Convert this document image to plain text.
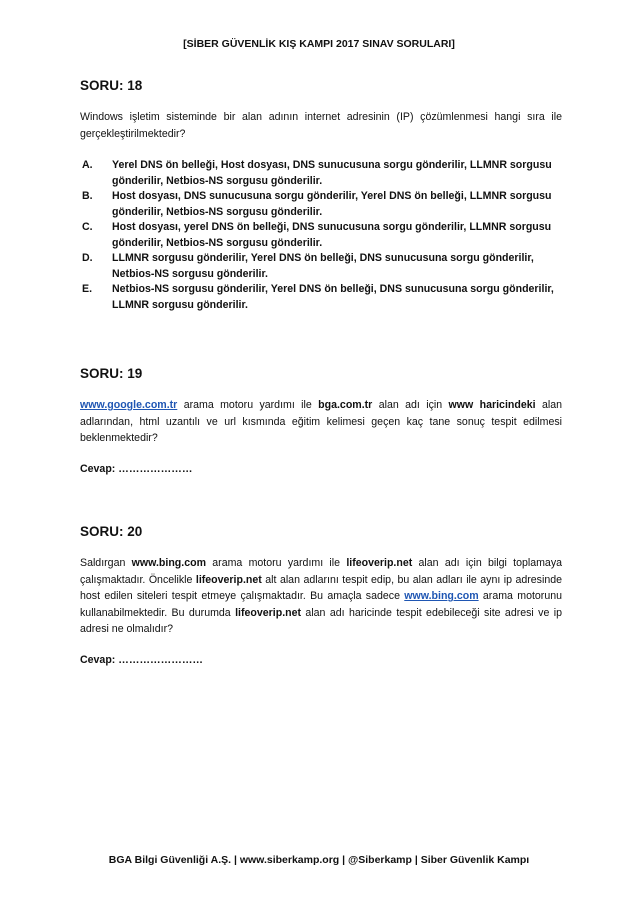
[SİBER GÜVENLİK KIŞ KAMPI 2017 SINAV SORULARI]
SORU: 18

Windows işletim sisteminde bir alan adının internet adresinin (IP) çözümlenmesi hangi sıra ile gerçekleştirilmektedir?

A.	Yerel DNS ön belleği, Host dosyası, DNS sunucusuna sorgu gönderilir, LLMNR sorgusu gönderilir, Netbios-NS sorgusu gönderilir.
B.	Host dosyası, DNS sunucusuna sorgu gönderilir, Yerel DNS ön belleği, LLMNR sorgusu gönderilir, Netbios-NS sorgusu gönderilir.
C.	Host dosyası, yerel DNS ön belleği, DNS sunucusuna sorgu gönderilir, LLMNR sorgusu gönderilir, Netbios-NS sorgusu gönderilir.
D.	LLMNR sorgusu gönderilir, Yerel DNS ön belleği, DNS sunucusuna sorgu gönderilir, Netbios-NS sorgusu gönderilir.
E.	Netbios-NS sorgusu gönderilir, Yerel DNS ön belleği, DNS sunucusuna sorgu gönderilir, LLMNR sorgusu gönderilir.
SORU: 19

www.google.com.tr arama motoru yardımı ile bga.com.tr alan adı için www haricindeki alan adlarından, html uzantılı ve url kısmında eğitim kelimesi geçen kaç tane sonuç tespit edilmesi beklenmektedir?

Cevap: …………………
SORU: 20

Saldırgan www.bing.com arama motoru yardımı ile lifeoverip.net alan adı için bilgi toplamaya çalışmaktadır. Öncelikle lifeoverip.net alt alan adlarını tespit edip, bu alan adları ile aynı ip adresinde host edilen siteleri tespit etmeye çalışmaktadır. Bu amaçla sadece www.bing.com arama motorunu kullanabilmektedir. Bu durumda lifeoverip.net alan adı haricinde tespit edebileceği site adresi ve ip adresi ne olmalıdır?

Cevap: ……………………
BGA Bilgi Güvenliği A.Ş. | www.siberkamp.org | @Siberkamp | Siber Güvenlik Kampı
